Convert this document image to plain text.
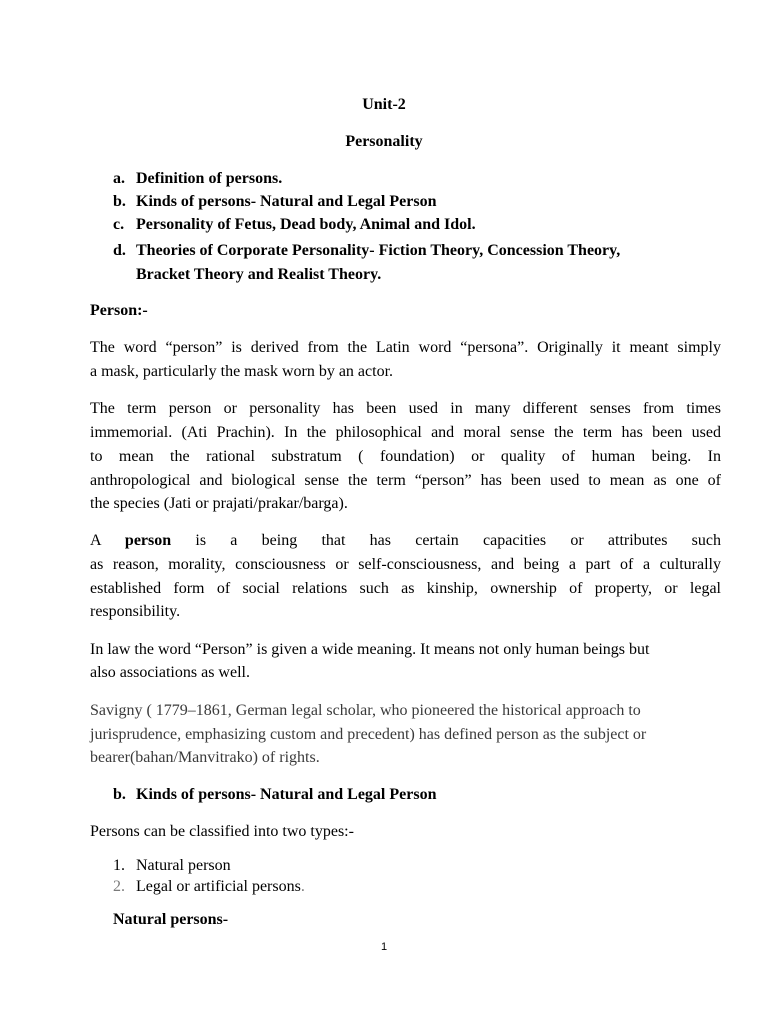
Unit-2
Personality
a. Definition of persons.
b. Kinds of persons- Natural and Legal Person
c. Personality of Fetus, Dead body, Animal and Idol.
d. Theories of Corporate Personality- Fiction Theory, Concession Theory,
Bracket Theory and Realist Theory.
Person:-
The word “person” is derived from the Latin word “persona”. Originally it meant simply
a mask, particularly the mask worn by an actor.
The term person or personality has been used in many different senses from times
immemorial. (Ati Prachin). In the philosophical and moral sense the term has been used
to mean the rational substratum ( foundation) or quality of human being. In
anthropological and biological sense the term “person” has been used to mean as one of
the species (Jati or prajati/prakar/barga).
A person is a being that has certain capacities or attributes such
as reason, morality, consciousness or self-consciousness, and being a part of a culturally
established form of social relations such as kinship, ownership of property, or legal
responsibility.
In law the word “Person” is given a wide meaning. It means not only human beings but
also associations as well.
Savigny ( 1779–1861, German legal scholar, who pioneered the historical approach to
jurisprudence, emphasizing custom and precedent) has defined person as the subject or
bearer(bahan/Manvitrako) of rights.
b. Kinds of persons- Natural and Legal Person
Persons can be classified into two types:-
1. Natural person
2. Legal or artificial persons.
Natural persons-
1
